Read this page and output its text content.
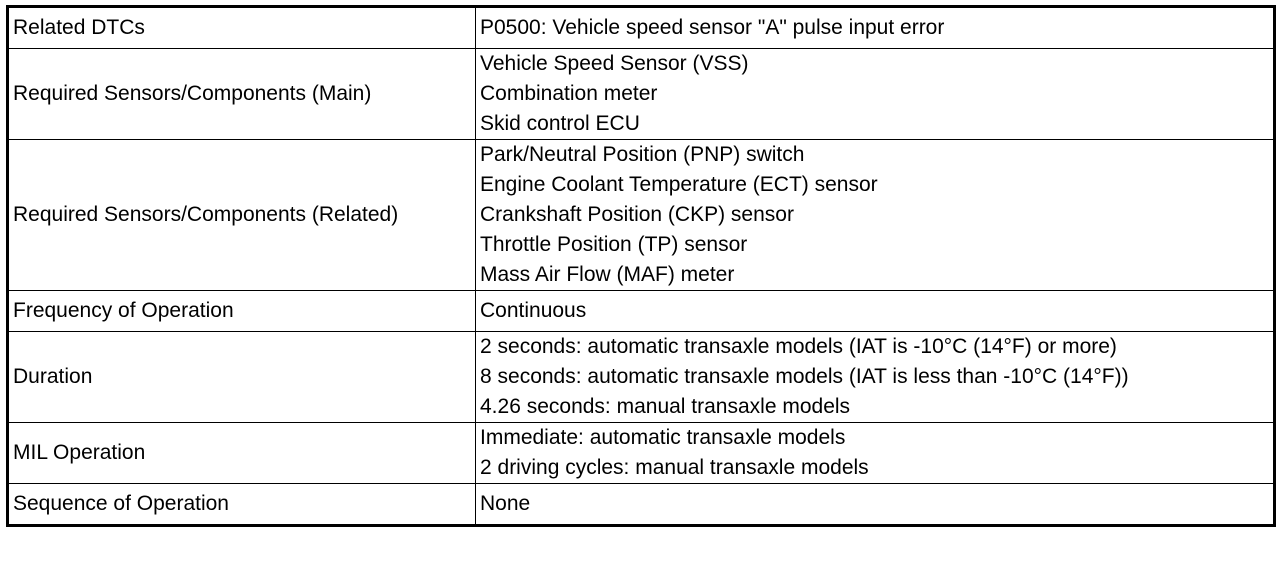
Related DTCs	P0500: Vehicle speed sensor "A" pulse input error

Required Sensors/Components (Main)	Vehicle Speed Sensor (VSS)
Combination meter
Skid control ECU

Required Sensors/Components (Related)	Park/Neutral Position (PNP) switch
Engine Coolant Temperature (ECT) sensor
Crankshaft Position (CKP) sensor
Throttle Position (TP) sensor
Mass Air Flow (MAF) meter

Frequency of Operation	Continuous

Duration	2 seconds: automatic transaxle models (IAT is -10°C (14°F) or more)
8 seconds: automatic transaxle models (IAT is less than -10°C (14°F))
4.26 seconds: manual transaxle models

MIL Operation	Immediate: automatic transaxle models
2 driving cycles: manual transaxle models

Sequence of Operation	None
